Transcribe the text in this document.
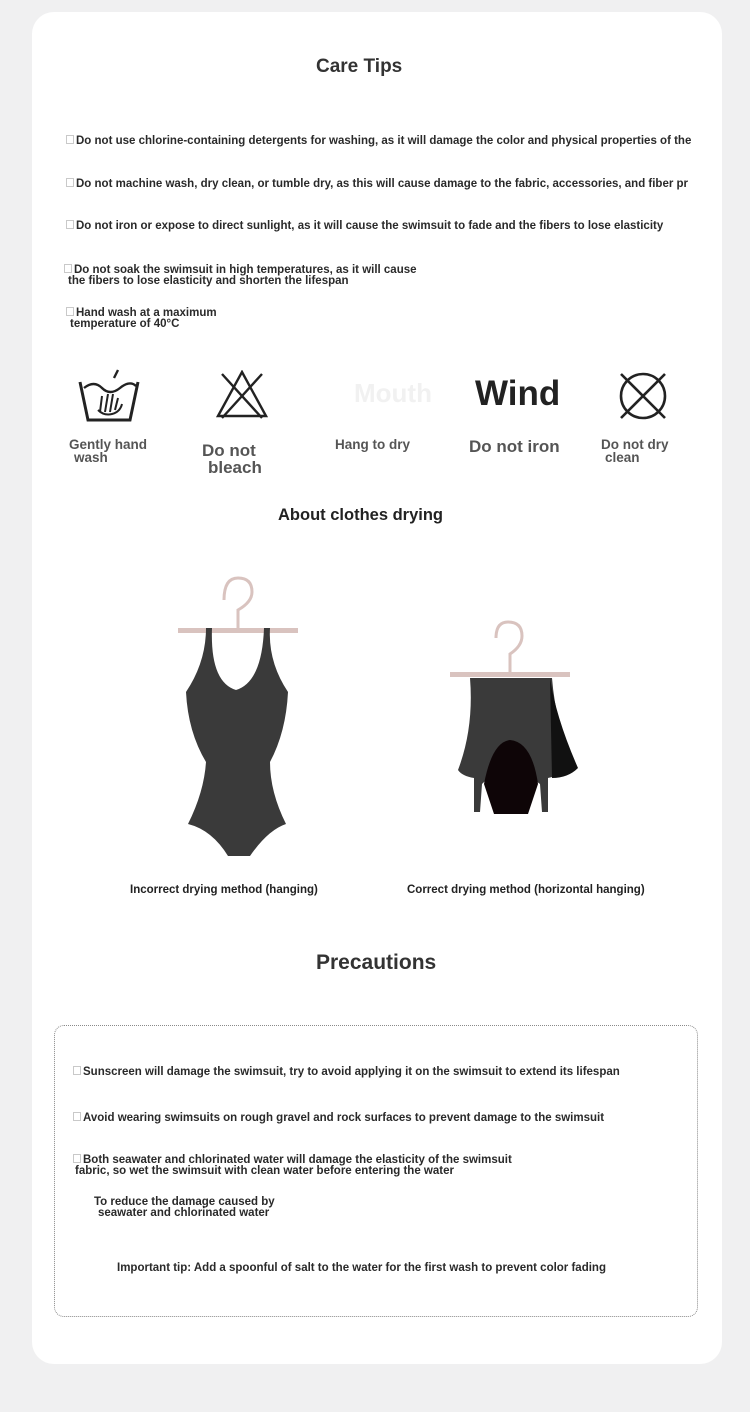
Care Tips
Do not use chlorine-containing detergents for washing, as it will damage the color and physical properties of the
Do not machine wash, dry clean, or tumble dry, as this will cause damage to the fabric, accessories, and fiber pr
Do not iron or expose to direct sunlight, as it will cause the swimsuit to fade and the fibers to lose elasticity
Do not soak the swimsuit in high temperatures, as it will cause
the fibers to lose elasticity and shorten the lifespan
Hand wash at a maximum
temperature of 40°C
Gently hand
wash	Do not
bleach
Mouth
Hang to dry
Wind
Do not iron	Do not dry
clean
About clothes drying
Incorrect drying method (hanging)	Correct drying method (horizontal hanging)
Precautions
Sunscreen will damage the swimsuit, try to avoid applying it on the swimsuit to extend its lifespan
Avoid wearing swimsuits on rough gravel and rock surfaces to prevent damage to the swimsuit
Both seawater and chlorinated water will damage the elasticity of the swimsuit
fabric, so wet the swimsuit with clean water before entering the water
To reduce the damage caused by
seawater and chlorinated water
Important tip: Add a spoonful of salt to the water for the first wash to prevent color fading
